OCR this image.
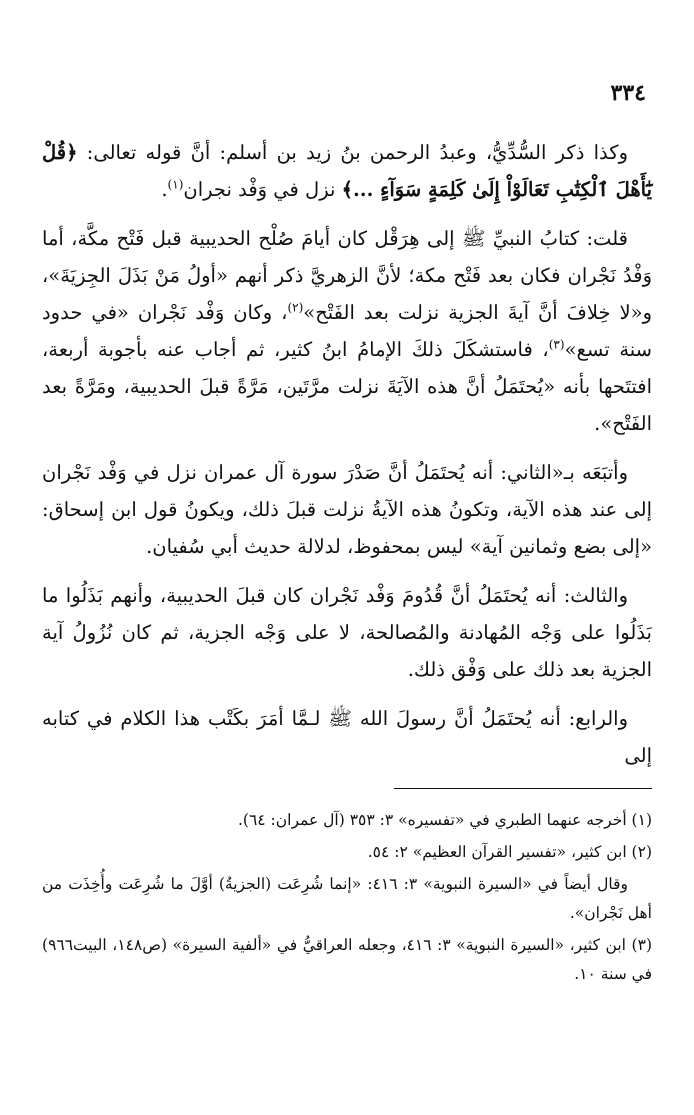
٣٣٤

وكذا ذكر السُّدِّيُّ، وعبدُ الرحمن بنُ زيد بن أسلم: أنَّ قوله تعالى: ﴿قُلْ يَٰٓأَهْلَ ٱلْكِتَٰبِ تَعَالَوْاْ إِلَىٰ كَلِمَةٍ سَوَآءٍ ...﴾ نزل في وَفْد نجران$^{(١)}$.

قلت: كتابُ النبيِّ ﷺ إلى هِرَقْل كان أيامَ صُلْح الحديبية قبل فَتْح مكَّة، أما وَفْدُ نَجْران فكان بعد فَتْح مكة؛ لأنَّ الزهريَّ ذكر أنهم «أولُ مَنْ بَذَلَ الجِزيَةَ»، و«لا خِلافَ أنَّ آيةَ الجزية نزلت بعد الفَتْح»$^{(٢)}$، وكان وَفْد نَجْران «في حدود سنة تسع»$^{(٣)}$، فاستشكَلَ ذلكَ الإمامُ ابنُ كثير، ثم أجاب عنه بأجوبة أربعة، افتتَحها بأنه «يُحتَمَلُ أنَّ هذه الآيَةَ نزلت مرَّتَين، مَرَّةً قبلَ الحديبية، ومَرَّةً بعد الفَتْح».

وأتبَعَه بـ«الثاني: أنه يُحتَمَلُ أنَّ صَدْرَ سورة آل عمران نزل في وَفْد نَجْران إلى عند هذه الآية، وتكونُ هذه الآيةُ نزلت قبلَ ذلك، ويكونُ قول ابن إسحاق: «إلى بضع وثمانين آية» ليس بمحفوظ، لدلالة حديث أبي سُفيان.

والثالث: أنه يُحتَمَلُ أنَّ قُدُومَ وَفْد نَجْران كان قبلَ الحديبية، وأنهم بَذَلُوا ما بَذَلُوا على وَجْه المُهادنة والمُصالحة، لا على وَجْه الجزية، ثم كان نُزُولُ آية الجزية بعد ذلك على وَفْق ذلك.

والرابع: أنه يُحتَمَلُ أنَّ رسولَ الله ﷺ لـمَّا أمَرَ بكَتْب هذا الكلام في كتابه إلى

(١) أخرجه عنهما الطبري في «تفسيره» ٣: ٣٥٣ (آل عمران: ٦٤).

(٢) ابن كثير، «تفسير القرآن العظيم» ٢: ٥٤.

وقال أيضاً في «السيرة النبوية» ٣: ٤١٦: «إنما شُرِعَت (الجزيةُ) أوَّلَ ما شُرِعَت وأُخِذَت من أهل نَجْران».

(٣) ابن كثير، «السيرة النبوية» ٣: ٤١٦، وجعله العراقيُّ في «ألفية السيرة» (ص١٤٨، البيت٩٦٦) في سنة ١٠.
